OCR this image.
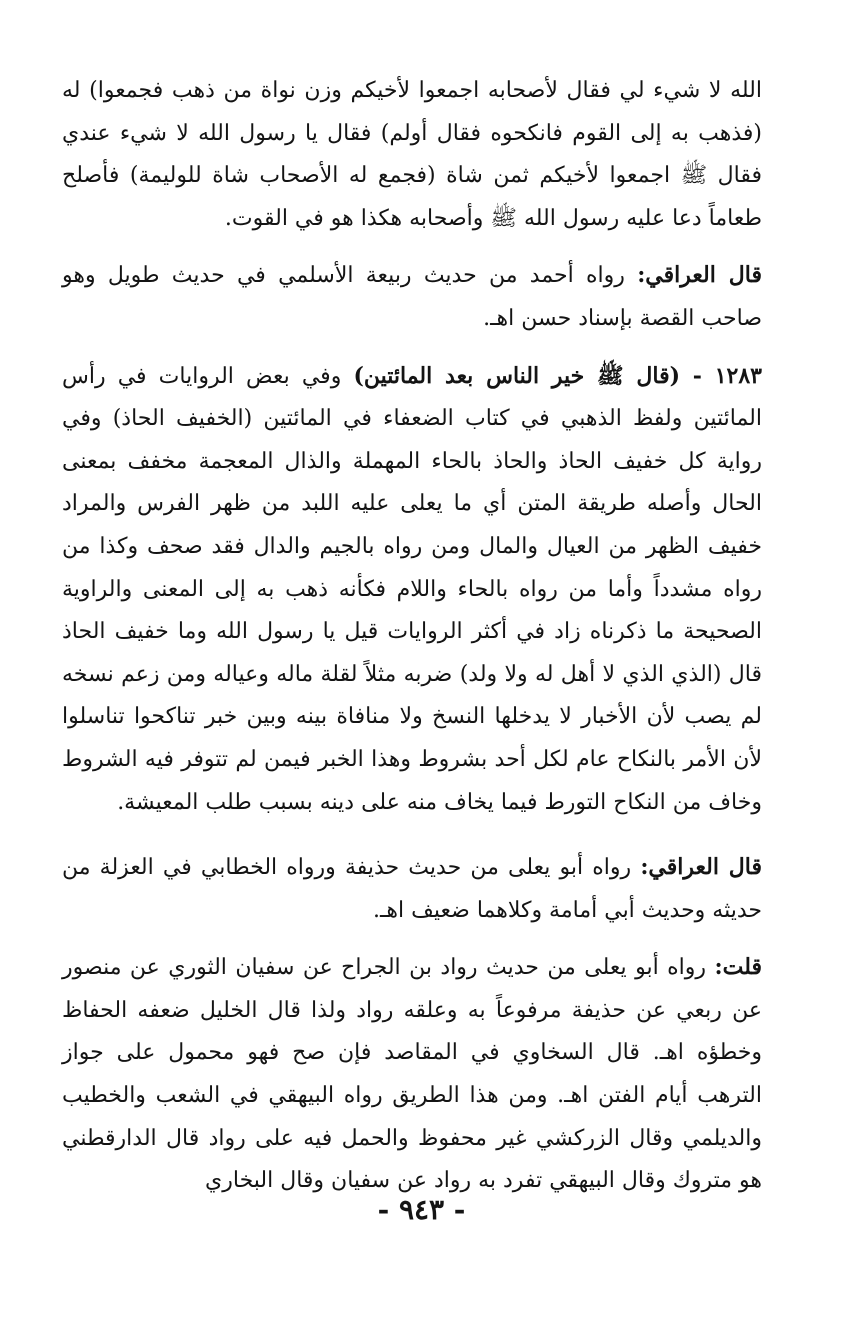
الله لا شيء لي فقال لأصحابه اجمعوا لأخيكم وزن نواة من ذهب فجمعوا) له (فذهب به إلى القوم فانكحوه فقال أولم) فقال يا رسول الله لا شيء عندي فقال ﷺ اجمعوا لأخيكم ثمن شاة (فجمع له الأصحاب شاة للوليمة) فأصلح طعاماً دعا عليه رسول الله ﷺ وأصحابه هكذا هو في القوت.

قال العراقي: رواه أحمد من حديث ربيعة الأسلمي في حديث طويل وهو صاحب القصة بإسناد حسن اهـ.

١٢٨٣ - (قال ﷺ خير الناس بعد المائتين) وفي بعض الروايات في رأس المائتين ولفظ الذهبي في كتاب الضعفاء في المائتين (الخفيف الحاذ) وفي رواية كل خفيف الحاذ والحاذ بالحاء المهملة والذال المعجمة مخفف بمعنى الحال وأصله طريقة المتن أي ما يعلى عليه اللبد من ظهر الفرس والمراد خفيف الظهر من العيال والمال ومن رواه بالجيم والدال فقد صحف وكذا من رواه مشدداً وأما من رواه بالحاء واللام فكأنه ذهب به إلى المعنى والراوية الصحيحة ما ذكرناه زاد في أكثر الروايات قيل يا رسول الله وما خفيف الحاذ قال (الذي الذي لا أهل له ولا ولد) ضربه مثلاً لقلة ماله وعياله ومن زعم نسخه لم يصب لأن الأخبار لا يدخلها النسخ ولا منافاة بينه وبين خبر تناكحوا تناسلوا لأن الأمر بالنكاح عام لكل أحد بشروط وهذا الخبر فيمن لم تتوفر فيه الشروط وخاف من النكاح التورط فيما يخاف منه على دينه بسبب طلب المعيشة.

قال العراقي: رواه أبو يعلى من حديث حذيفة ورواه الخطابي في العزلة من حديثه وحديث أبي أمامة وكلاهما ضعيف اهـ.

قلت: رواه أبو يعلى من حديث رواد بن الجراح عن سفيان الثوري عن منصور عن ربعي عن حذيفة مرفوعاً به وعلقه رواد ولذا قال الخليل ضعفه الحفاظ وخطؤه اهـ. قال السخاوي في المقاصد فإن صح فهو محمول على جواز الترهب أيام الفتن اهـ. ومن هذا الطريق رواه البيهقي في الشعب والخطيب والديلمي وقال الزركشي غير محفوظ والحمل فيه على رواد قال الدارقطني هو متروك وقال البيهقي تفرد به رواد عن سفيان وقال البخاري

- ٩٤٣ -
